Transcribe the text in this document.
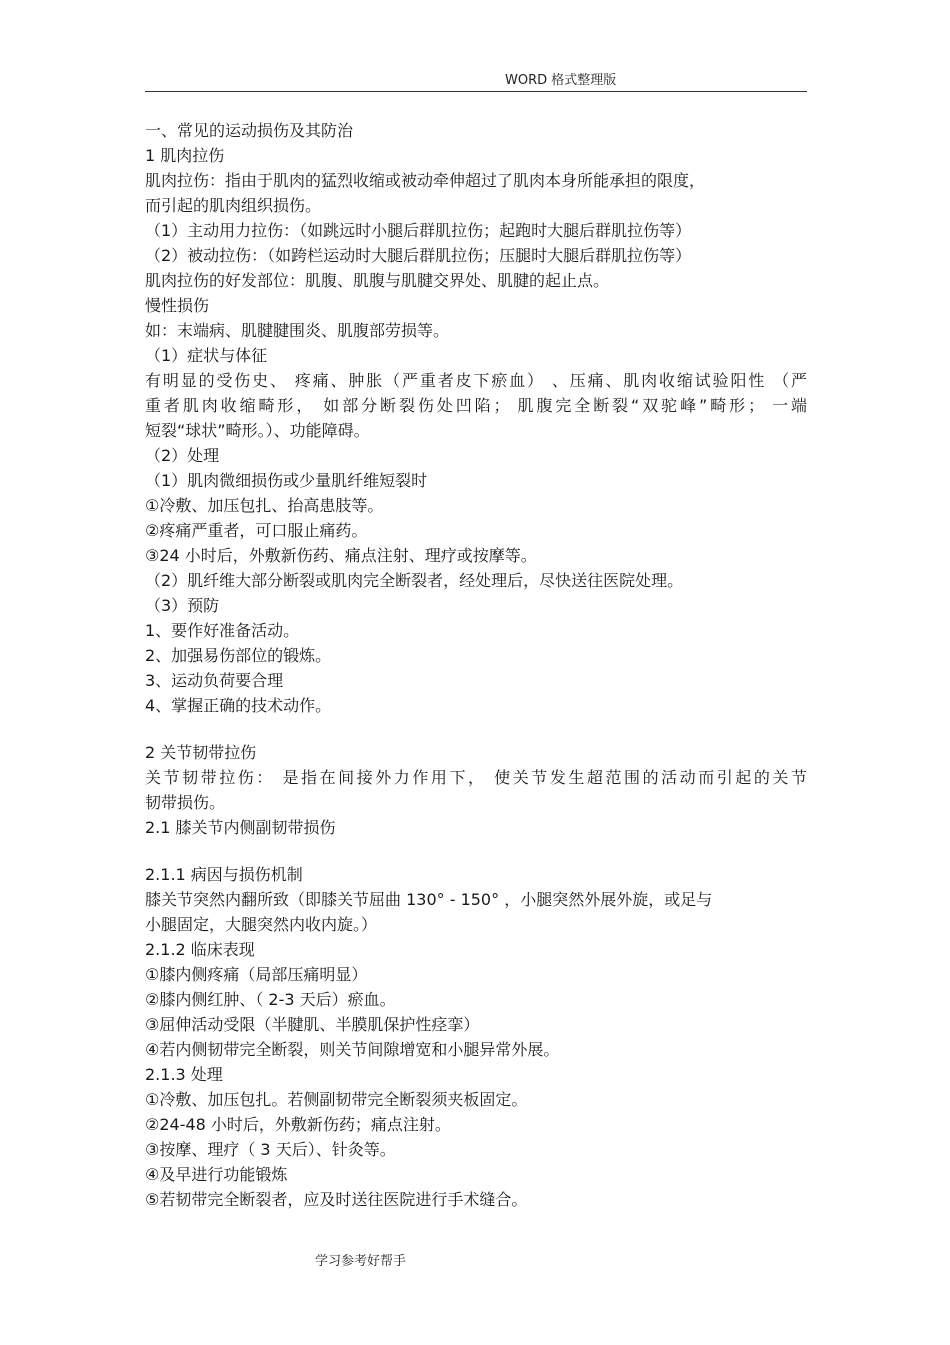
WORD 格式整理版
一、常见的运动损伤及其防治
1 肌肉拉伤
肌肉拉伤：指由于肌肉的猛烈收缩或被动牵伸超过了肌肉本身所能承担的限度，
而引起的肌肉组织损伤。
（1）主动用力拉伤：（如跳远时小腿后群肌拉伤；起跑时大腿后群肌拉伤等）
（2）被动拉伤：（如跨栏运动时大腿后群肌拉伤；压腿时大腿后群肌拉伤等）
肌肉拉伤的好发部位：肌腹、肌腹与肌腱交界处、肌腱的起止点。
慢性损伤
如：末端病、肌腱腱围炎、肌腹部劳损等。
（1）症状与体征
有明显的受伤史、 疼痛、肿胀（严重者皮下瘀血） 、压痛、肌肉收缩试验阳性 （严
重者肌肉收缩畸形， 如部分断裂伤处凹陷； 肌腹完全断裂“双驼峰”畸形； 一端
短裂“球状”畸形。）、功能障碍。
（2）处理
（1）肌肉微细损伤或少量肌纤维短裂时
①冷敷、加压包扎、抬高患肢等。
②疼痛严重者，可口服止痛药。
③24 小时后，外敷新伤药、痛点注射、理疗或按摩等。
（2）肌纤维大部分断裂或肌肉完全断裂者，经处理后，尽快送往医院处理。
（3）预防
1、要作好准备活动。
2、加强易伤部位的锻炼。
3、运动负荷要合理
4、掌握正确的技术动作。
2 关节韧带拉伤
关节韧带拉伤： 是指在间接外力作用下， 使关节发生超范围的活动而引起的关节
韧带损伤。
2.1 膝关节内侧副韧带损伤
2.1.1 病因与损伤机制
膝关节突然内翻所致（即膝关节屈曲 130° - 150° ，小腿突然外展外旋，或足与
小腿固定，大腿突然内收内旋。）
2.1.2 临床表现
①膝内侧疼痛（局部压痛明显）
②膝内侧红肿、（ 2-3 天后）瘀血。
③屈伸活动受限（半腱肌、半膜肌保护性痉挛）
④若内侧韧带完全断裂，则关节间隙增宽和小腿异常外展。
2.1.3 处理
①冷敷、加压包扎。若侧副韧带完全断裂须夹板固定。
②24-48 小时后，外敷新伤药；痛点注射。
③按摩、理疗（ 3 天后）、针灸等。
④及早进行功能锻炼
⑤若韧带完全断裂者，应及时送往医院进行手术缝合。
学习参考好帮手
